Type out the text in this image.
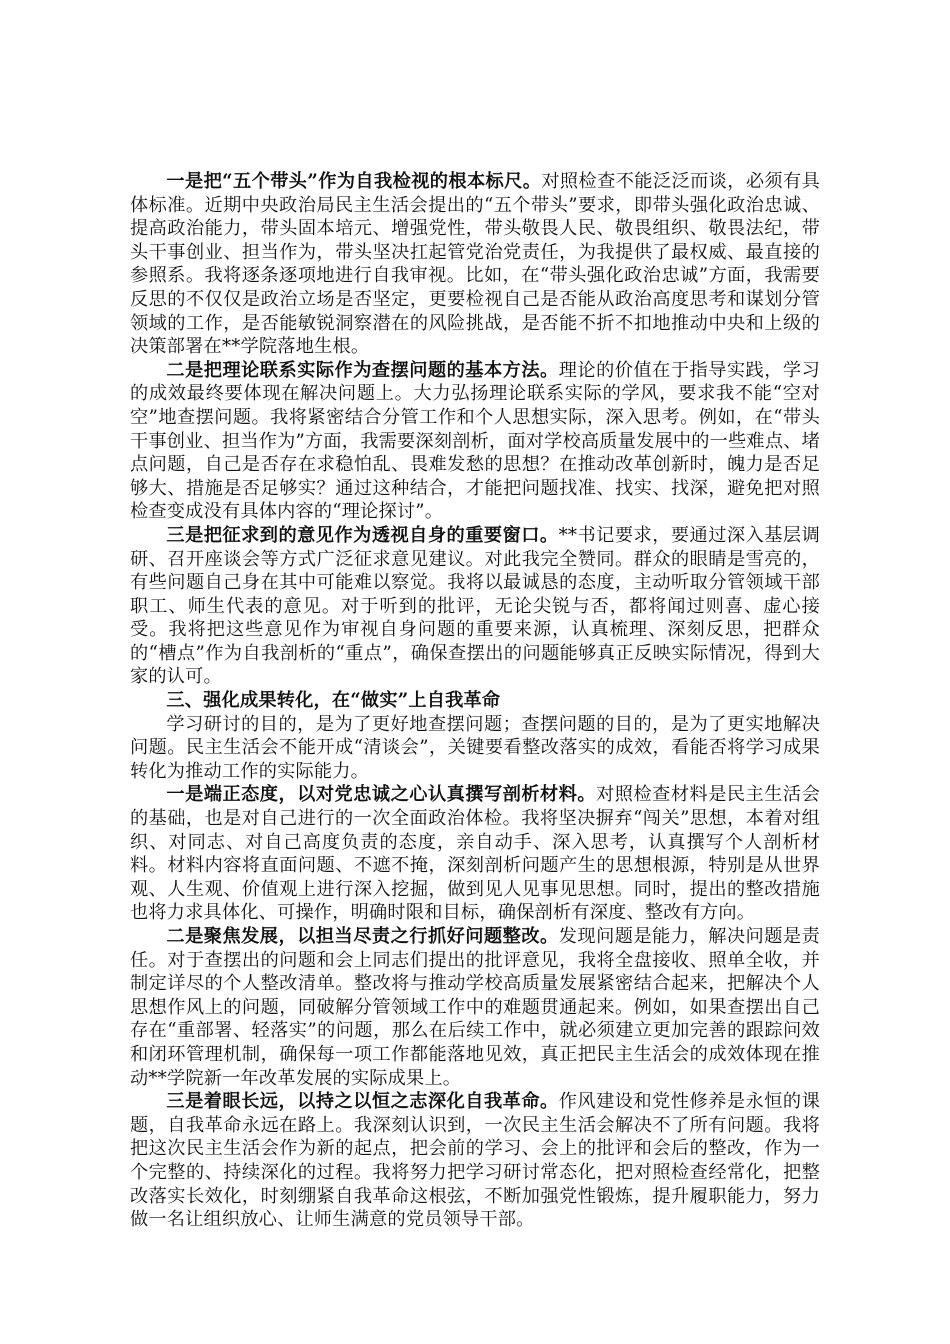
一是把“五个带头”作为自我检视的根本标尺。对照检查不能泛泛而谈，必须有具体标准。近期中央政治局民主生活会提出的“五个带头”要求，即带头强化政治忠诚、提高政治能力，带头固本培元、增强党性，带头敬畏人民、敬畏组织、敬畏法纪，带头干事创业、担当作为，带头坚决扛起管党治党责任，为我提供了最权威、最直接的参照系。我将逐条逐项地进行自我审视。比如，在“带头强化政治忠诚”方面，我需要反思的不仅仅是政治立场是否坚定，更要检视自己是否能从政治高度思考和谋划分管领域的工作，是否能敏锐洞察潜在的风险挑战，是否能不折不扣地推动中央和上级的决策部署在**学院落地生根。

二是把理论联系实际作为查摆问题的基本方法。理论的价值在于指导实践，学习的成效最终要体现在解决问题上。大力弘扬理论联系实际的学风，要求我不能“空对空”地查摆问题。我将紧密结合分管工作和个人思想实际，深入思考。例如，在“带头干事创业、担当作为”方面，我需要深刻剖析，面对学校高质量发展中的一些难点、堵点问题，自己是否存在求稳怕乱、畏难发愁的思想？在推动改革创新时，魄力是否足够大、措施是否足够实？通过这种结合，才能把问题找准、找实、找深，避免把对照检查变成没有具体内容的“理论探讨”。

三是把征求到的意见作为透视自身的重要窗口。**书记要求，要通过深入基层调研、召开座谈会等方式广泛征求意见建议。对此我完全赞同。群众的眼睛是雪亮的，有些问题自己身在其中可能难以察觉。我将以最诚恳的态度，主动听取分管领域干部职工、师生代表的意见。对于听到的批评，无论尖锐与否，都将闻过则喜、虚心接受。我将把这些意见作为审视自身问题的重要来源，认真梳理、深刻反思，把群众的“槽点”作为自我剖析的“重点”，确保查摆出的问题能够真正反映实际情况，得到大家的认可。

三、强化成果转化，在“做实”上自我革命

学习研讨的目的，是为了更好地查摆问题；查摆问题的目的，是为了更实地解决问题。民主生活会不能开成“清谈会”，关键要看整改落实的成效，看能否将学习成果转化为推动工作的实际能力。

一是端正态度，以对党忠诚之心认真撰写剖析材料。对照检查材料是民主生活会的基础，也是对自己进行的一次全面政治体检。我将坚决摒弃“闯关”思想，本着对组织、对同志、对自己高度负责的态度，亲自动手、深入思考，认真撰写个人剖析材料。材料内容将直面问题、不遮不掩，深刻剖析问题产生的思想根源，特别是从世界观、人生观、价值观上进行深入挖掘，做到见人见事见思想。同时，提出的整改措施也将力求具体化、可操作，明确时限和目标，确保剖析有深度、整改有方向。

二是聚焦发展，以担当尽责之行抓好问题整改。发现问题是能力，解决问题是责任。对于查摆出的问题和会上同志们提出的批评意见，我将全盘接收、照单全收，并制定详尽的个人整改清单。整改将与推动学校高质量发展紧密结合起来，把解决个人思想作风上的问题，同破解分管领域工作中的难题贯通起来。例如，如果查摆出自己存在“重部署、轻落实”的问题，那么在后续工作中，就必须建立更加完善的跟踪问效和闭环管理机制，确保每一项工作都能落地见效，真正把民主生活会的成效体现在推动**学院新一年改革发展的实际成果上。

三是着眼长远，以持之以恒之志深化自我革命。作风建设和党性修养是永恒的课题，自我革命永远在路上。我深刻认识到，一次民主生活会解决不了所有问题。我将把这次民主生活会作为新的起点，把会前的学习、会上的批评和会后的整改，作为一个完整的、持续深化的过程。我将努力把学习研讨常态化，把对照检查经常化，把整改落实长效化，时刻绷紧自我革命这根弦，不断加强党性锻炼，提升履职能力，努力做一名让组织放心、让师生满意的党员领导干部。
